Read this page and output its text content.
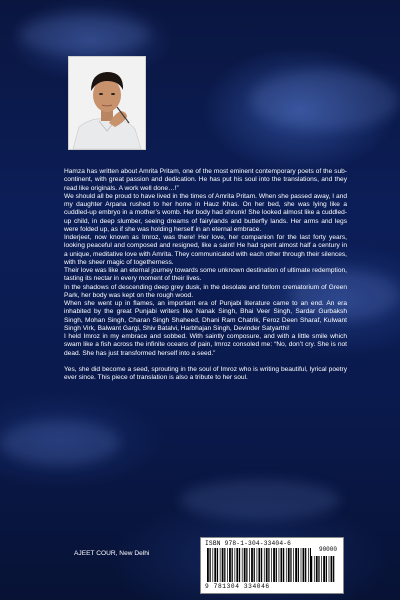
Hamza has written about Amrita Pritam, one of the most eminent contemporary poets of the sub-continent, with great passion and dedication. He has put his soul into the translations, and they read like originals. A work well done…!”

We should all be proud to have lived in the times of Amrita Pritam. When she passed away, I and my daughter Arpana rushed to her home in Hauz Khas. On her bed, she was lying like a cuddled-up embryo in a mother’s womb. Her body had shrunk! She looked almost like a cuddled-up child, in deep slumber, seeing dreams of fairylands and butterfly lands. Her arms and legs were folded up, as if she was holding herself in an eternal embrace.

Inderjeet, now known as Imroz, was there! Her love, her companion for the last forty years, looking peaceful and composed and resigned, like a saint! He had spent almost half a century in a unique, meditative love with Amrita. They communicated with each other through their silences, with the sheer magic of togetherness.

Their love was like an eternal journey towards some unknown destination of ultimate redemption, tasting its nectar in every moment of their lives.

In the shadows of descending deep grey dusk, in the desolate and forlorn crematorium of Green Park, her body was kept on the rough wood.

When she went up in flames, an important era of Punjabi literature came to an end. An era inhabited by the great Punjabi writers like Nanak Singh, Bhai Veer Singh, Sardar Gurbaksh Singh, Mohan Singh, Charan Singh Shaheed, Dhani Ram Chatrik, Feroz Deen Sharaf, Kulwant Singh Virk, Balwant Gargi, Shiv Batalvi, Harbhajan Singh, Devinder Satyarthi!

I held Imroz in my embrace and sobbed. With saintly composure, and with a little smile which swam like a fish across the infinite oceans of pain, Imroz consoled me: “No, don’t cry. She is not dead. She has just transformed herself into a seed.”

Yes, she did become a seed, sprouting in the soul of Imroz who is writing beautiful, lyrical poetry ever since. This piece of translation is also a tribute to her soul.

AJEET COUR, New Delhi
ISBN 978-1-304-33404-6
90000
9 781304 334046
